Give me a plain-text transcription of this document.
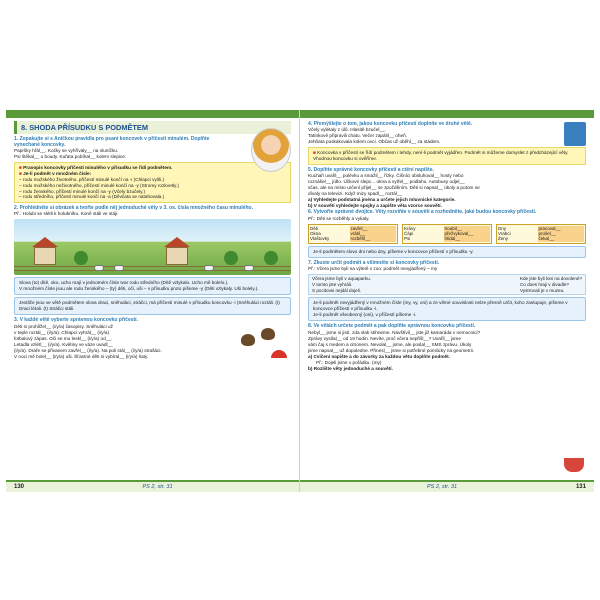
8. SHODA PŘÍSUDKU S PODMĚTEM
1. Zopakujte si s Aničkou pravidla pro psaní koncovek v příčestí minulém. Doplňte vynechané koncovky.
Papršky hřál__. Kočky se vyhřívaly__ na sluníčku.
Psi štěkal__ u boudy. Kuřata pobíhal__ kolem slepice.
■ Pravopis koncovky příčestí minulého v přísudku se řídí podmětem.
■ Je-li podmět v množném čísle:
– rodu mužského životného, příčestí minulé končí na -i (Chlapci vyšli.)
– rodu mužského neživotného, příčestí minulé končí na -y (Stromy rozkvetly.)
– rodu ženského, příčestí minulé končí na -y (Včely bzučely.)
– rodu středního, příčestí minulé končí na -a (Děvčata se natahovala.)
2. Prohlédněte si obrázek a tvořte podle něj jednoduché věty v 3. os. čísla množného času minulého.
Př.: Holubi se slétli k holubníku. Koně stáli ve stáji.
Slova (to) dítě, oko, ucho mají v jednotném čísle tvar rodu středního (Dítě vzlykalo. Ucho mě bolelo.).
V množném čísle jsou ale rodu ženského – (ty) děti, oči, uši – v přísudku proto píšeme -y (Děti vzlykaly. Uši bolely.).
Jestliže jsou ve větě podmětem slova draci, sněhuláci, stráčci, má příčestí minulé v přísudku koncovku -i (Sněhuláci roztáli. (t) Draci létali. (t) Stráčci stáli.
3. V každé větě vyberte správnou koncovku příčestí.
Děti si prohlížel__ (i/y/a) časopisy. Sněhuláci už
v teple roztál__ (i/y/a). Chlapci vyhrál__ (i/y/a)
fotbalový zápas. Oči se mu leskl__ (i/y/a) od__.
Letadla vzlétl__ (i/y/a). Květiny ve váze uvadl__
(i/y/a). Draře se přivanem zavřel__ (i/y/a). Na poli stál__ (i/y/a) strašáci.
V noci mě bolel__ (i/y/a) uši. Šťastné děti si vybíral__ (i/y/a) šaty.
130	PS 2, str. 31
4. Přemýšlejte o tom, jakou koncovku příčestí doplníte ve druhé větě.
Včely vylétaly z úlů. Hlasitě bzučel__.
Tatínkové připravili chatu. Večer zapálil__ oheň.
Jehňata poskakovala kolem ovcí. Občas už oběhl__ za stádem.
■ Koncovka v příčestí se řídí podmětem i tehdy, není-li podmět vyjádřen. Podmět si můžeme domyslet z předcházející věty. Vhodnou koncovku si ověříme.
5. Doplňte správné koncovky příčestí a ctění napište.
Kuchaři uvařil__ polévku a smažil__ řízky. Čišníci obsluhoval__ hosty nebo
roznášel__ jídlo. Účkové slepc... okna a vytřel__ podlahu. Autobusy odjel__
včas, ale na místo určení přijel__ se zpožděním. Děti si napsal__ úkoly a potom se
dívaly na televizi. Když mizy spadl__ roztál__
a) Vyhledejte podstatná jména a určete jejich mluvnické kategorie.
b) V souvětí vyhledejte spojky a zapište věta vzorce souvětí.
6. Vytvořte správné dvojice. Věty rozviňte v souvětí a rozhodněte, jaké budou koncovky příčestí.
Př.: Děti se rozběhly a vykaly.
Děti
Okna
Vlaštovky
zavřel__
vrátil__
rozběhl__
Krávy
Čápi
Psi
troubil__
přežvykoval__
hlídal__
Dny
Vrabci
Ženy
pracoval__
prošel__
čekal__
Je-li podmětem slovo dni nebo dny, píšeme v koncovce příčestí v přísudku -y.
7. Zkuste určit podmět a všimněte si koncovky příčestí.
Př.: Včera jsme byli na výletě v zoo: podmět nevyjádřený – my
Včera jsme byli v aquaparku.
V tomto jste vyhráli.
S pocitovsi nejdál dojeli.
Kde jste byli loni na dovolené?
Co does hraji v divadle?
Vystrovali je v muzeu.
Je-li podmět nevyjádřený v množném čísle (my, vy, oni) a ze větné souvislosti nelze přesně určit, koho zastupuje, píšeme v koncovce příčestí v přísudku -i.
Je-li podmět všeobecný (oni), v příčestí píšeme -i.
8. Ve větách určete podmět a pak doplňte správnou koncovku příčestí.
Nebyl__ jsme si jistí, zda vlak stihneme. Navštívil__ jste již kamaráda v nemocnici?
Zprávy vysílal__ od 19 hodin. Nevíte, proč včera nepřišl__? Uvařil__ jsme
vám čaj s medem a citronem. Nevolal__ jsme, ale poslal__ SMS zprávu. Úkoly
jsme napsal__ už dopoledne. Přinesl__ jsme si potřebné pomůcky na geometrii.
a) Cvičení napište a do závorky za každou větu doplňte podmět.
Př.: Dojeli jsme v pořádku. (my)
b) Rozlište věty jednoduché a souvětí.
PS 2, str. 31	131
